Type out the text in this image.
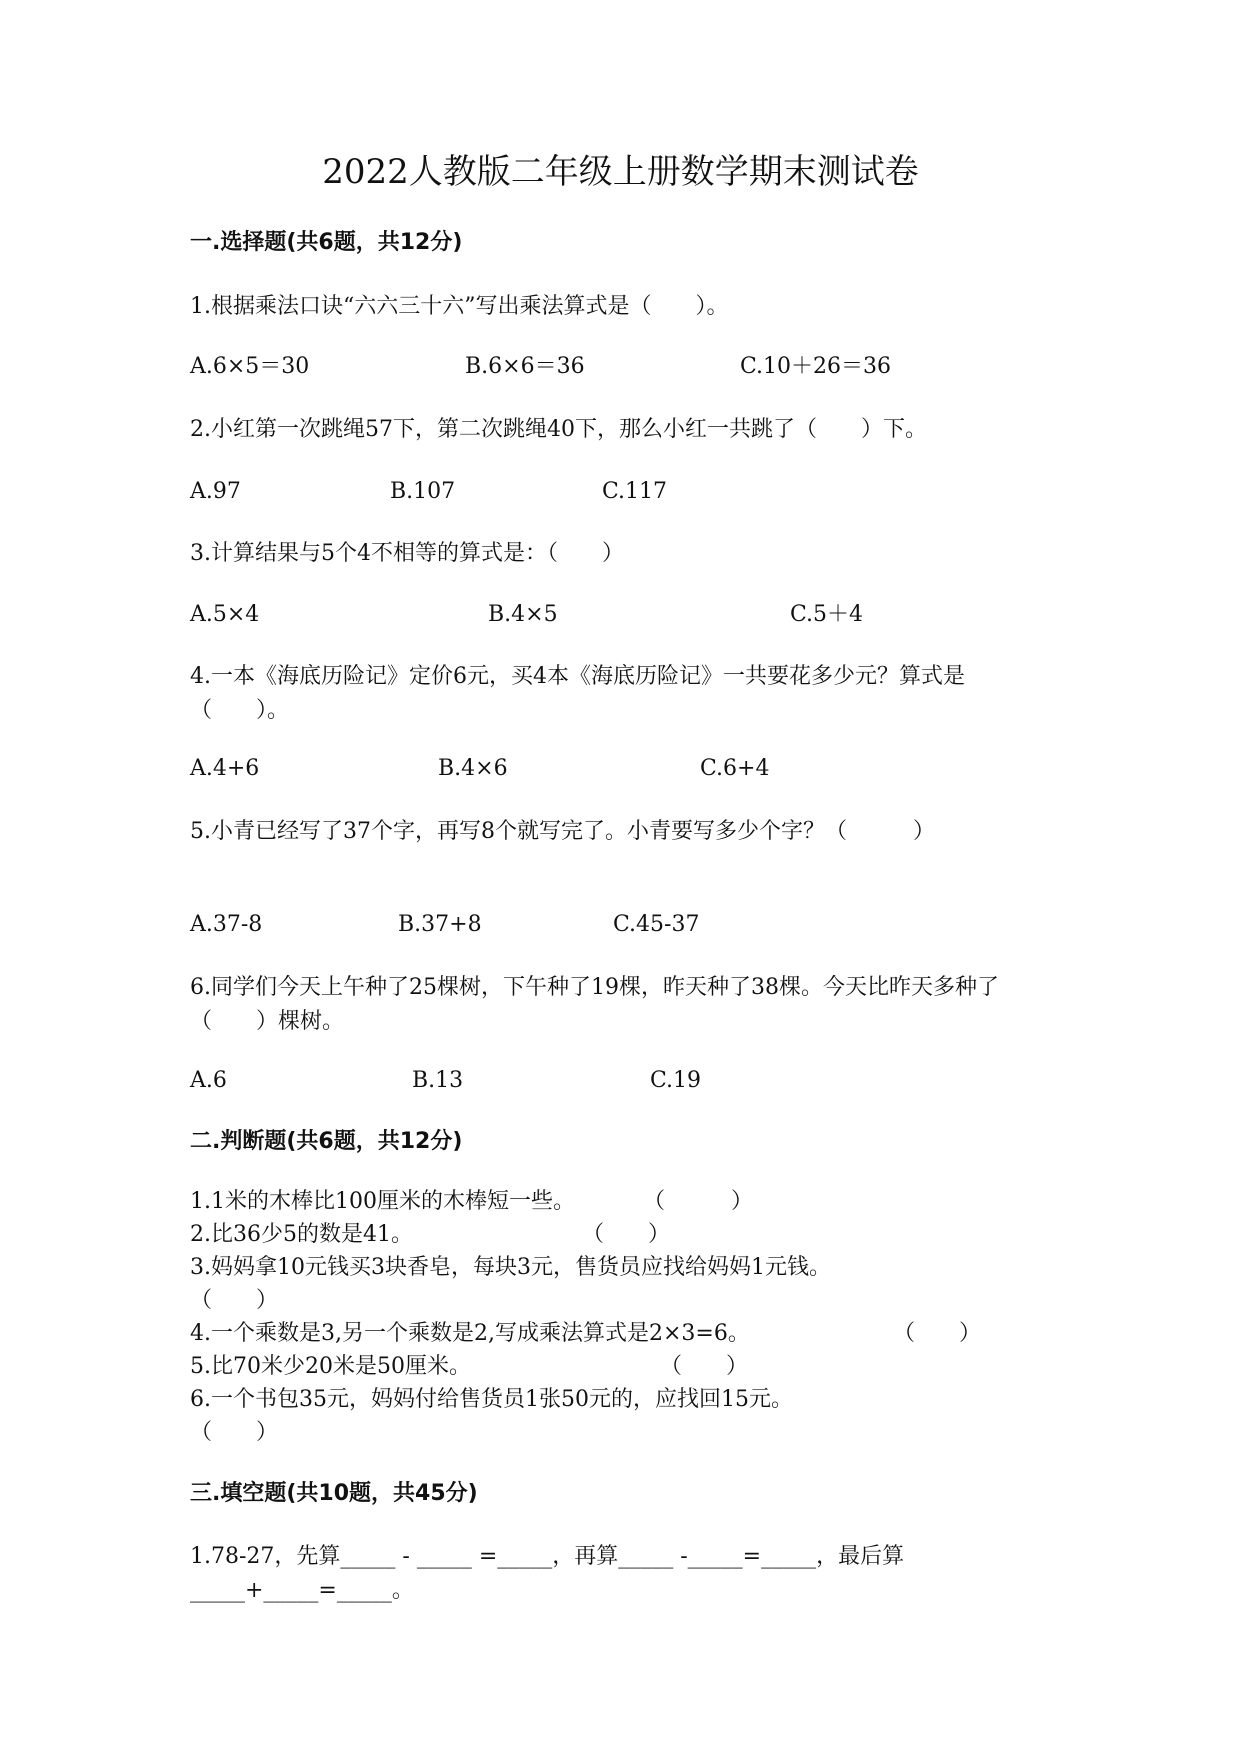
2022人教版二年级上册数学期末测试卷
一.选择题(共6题，共12分)
1.根据乘法口诀“六六三十六”写出乘法算式是（　　）。
A.6×5＝30	B.6×6＝36	C.10＋26＝36
2.小红第一次跳绳57下，第二次跳绳40下，那么小红一共跳了（　　）下。
A.97	B.107	C.117
3.计算结果与5个4不相等的算式是：（　　）
A.5×4	B.4×5	C.5＋4
4.一本《海底历险记》定价6元，买4本《海底历险记》一共要花多少元？算式是（　　）。
A.4+6	B.4×6	C.6+4
5.小青已经写了37个字，再写8个就写完了。小青要写多少个字？（　　　）
A.37-8	B.37+8	C.45-37
6.同学们今天上午种了25棵树，下午种了19棵，昨天种了38棵。今天比昨天多种了（　　）棵树。
A.6	B.13	C.19
二.判断题(共6题，共12分)
1.1米的木棒比100厘米的木棒短一些。	（　　　）
2.比36少5的数是41。	（　　）
3.妈妈拿10元钱买3块香皂，每块3元，售货员应找给妈妈1元钱。
（　　）
4.一个乘数是3,另一个乘数是2,写成乘法算式是2×3=6。	（　　）
5.比70米少20米是50厘米。	（　　）
6.一个书包35元，妈妈付给售货员1张50元的，应找回15元。
（　　）
三.填空题(共10题，共45分)
1.78-27，先算_____ - _____ =_____，再算_____ -_____=_____，最后算_____+_____=_____。
